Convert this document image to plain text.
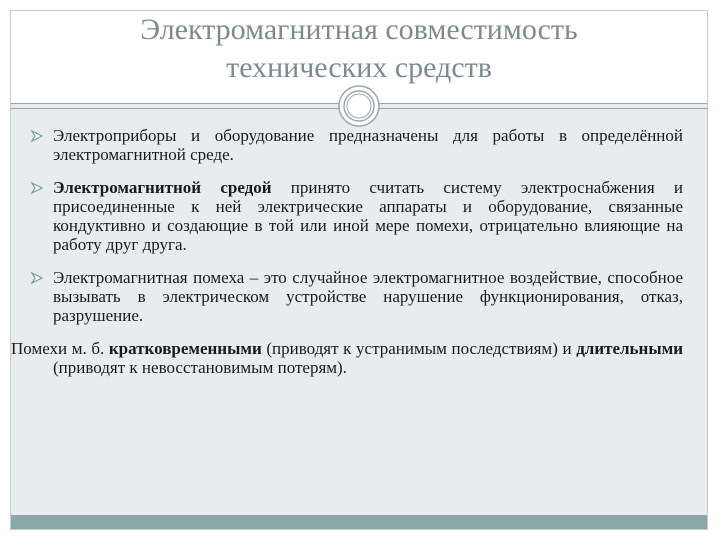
Электромагнитная совместимость
технических средств

Электроприборы и оборудование предназначены для работы в определённой электромагнитной среде.

Электромагнитной средой принято считать систему электроснабжения и присоединенные к ней электрические аппараты и оборудование, связанные кондуктивно и создающие в той или иной мере помехи, отрицательно влияющие на работу друг друга.

Электромагнитная помеха – это случайное электромагнитное воздействие, способное вызывать в электрическом устройстве нарушение функционирования, отказ, разрушение.

Помехи м. б. кратковременными (приводят к устранимым последствиям) и длительными (приводят к невосстановимым потерям).
